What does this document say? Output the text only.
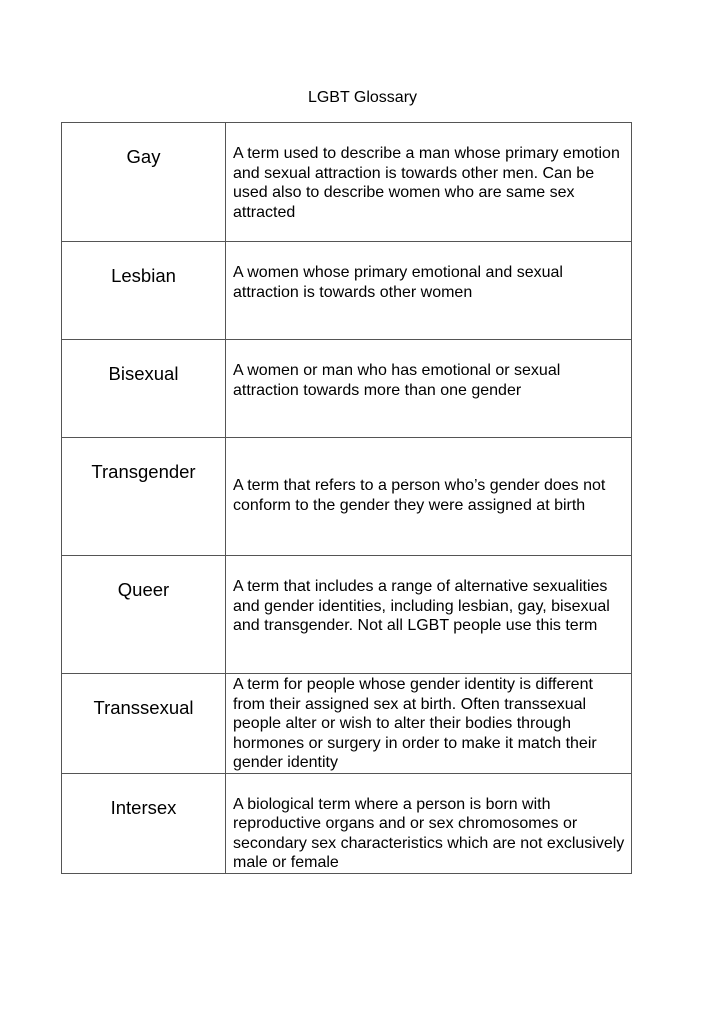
LGBT Glossary
Gay	A term used to describe a man whose primary emotion and sexual attraction is towards other men. Can be used also to describe women who are same sex attracted

Lesbian	A women whose primary emotional and sexual attraction is towards other women

Bisexual	A women or man who has emotional or sexual attraction towards more than one gender

Transgender	A term that refers to a person who’s gender does not conform to the gender they were assigned at birth

Queer	A term that includes a range of alternative sexualities and gender identities, including lesbian, gay, bisexual and transgender. Not all LGBT people use this term

Transsexual	A term for people whose gender identity is different from their assigned sex at birth. Often transsexual people alter or wish to alter their bodies through hormones or surgery in order to make it match their gender identity

Intersex	A biological term where a person is born with reproductive organs and or sex chromosomes or secondary sex characteristics which are not exclusively male or female
